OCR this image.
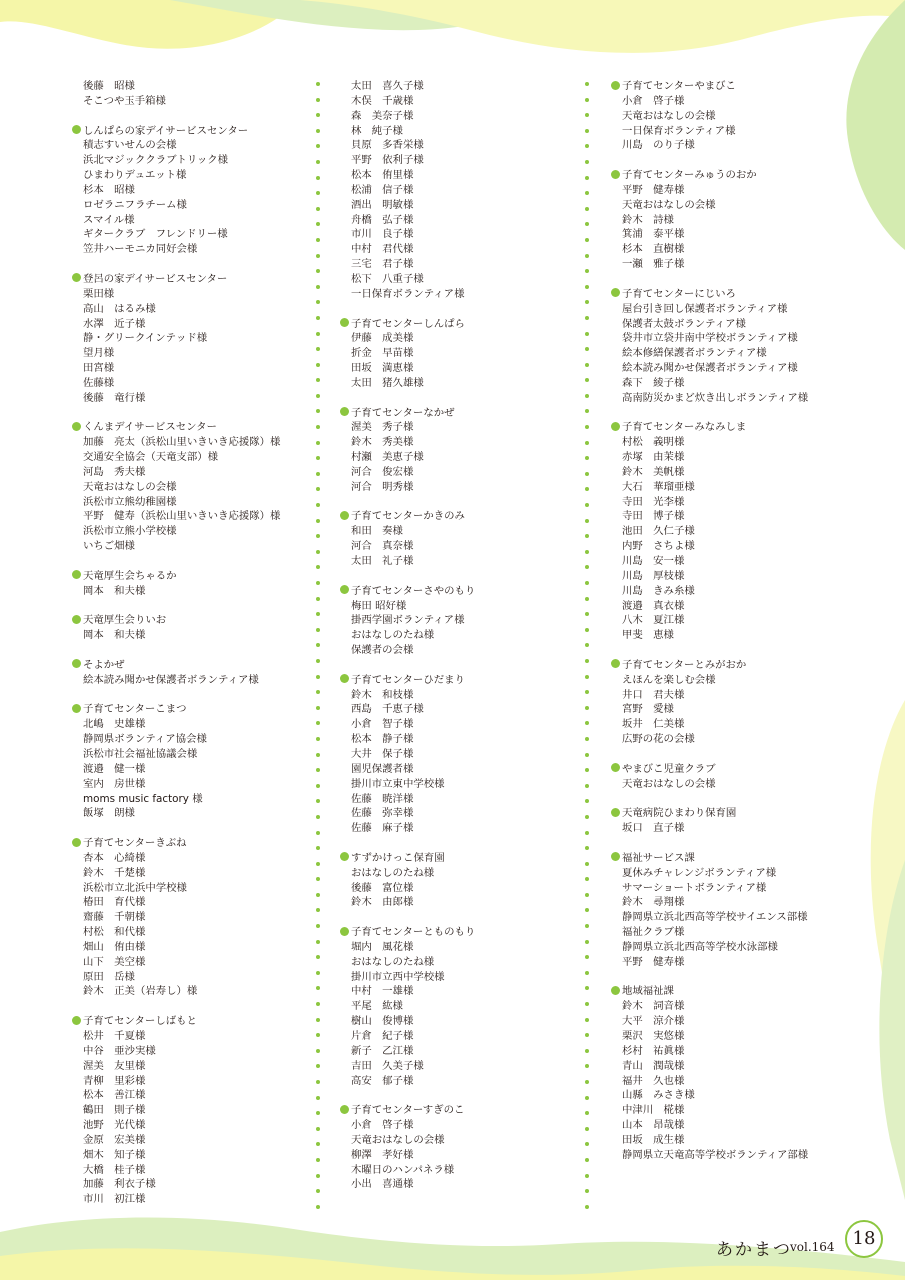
後藤　昭様
そこつや玉手箱様
しんぱらの家デイサービスセンター
積志すいせんの会様
浜北マジッククラブトリック様
ひまわりデュエット様
杉本　昭様
ロゼラニフラチーム様
スマイル様
ギタークラブ　フレンドリー様
笠井ハーモニカ同好会様
登呂の家デイサービスセンター
栗田様
高山　はるみ様
水澤　近子様
静・グリークインテッド様
望月様
田宮様
佐藤様
後藤　竜行様
くんまデイサービスセンター
加藤　亮太（浜松山里いきいき応援隊）様
交通安全協会（天竜支部）様
河島　秀夫様
天竜おはなしの会様
浜松市立熊幼稚園様
平野　健寿（浜松山里いきいき応援隊）様
浜松市立熊小学校様
いちご畑様
天竜厚生会ちゃるか
岡本　和夫様
天竜厚生会りいお
岡本　和夫様
そよかぜ
絵本読み聞かせ保護者ボランティア様
子育てセンターこまつ
北嶋　史雄様
静岡県ボランティア協会様
浜松市社会福祉協議会様
渡邉　健一様
室内　房世様
moms music factory 様
飯塚　朗様
子育てセンターきぶね
杏本　心綺様
鈴木　千楚様
浜松市立北浜中学校様
椿田　育代様
齋藤　千朝様
村松　和代様
畑山　侑由様
山下　美空様
原田　岳様
鈴木　正美（岩寿し）様
子育てセンターしばもと
松井　千夏様
中谷　亜沙実様
渥美　友里様
青柳　里彩様
松本　善江様
鶴田　則子様
池野　光代様
金原　宏美様
畑木　知子様
大橋　桂子様
加藤　利衣子様
市川　初江様
太田　喜久子様
木俣　千歳様
森　美奈子様
林　純子様
貝原　多香栄様
平野　依利子様
松本　侑里様
松浦　信子様
酒出　明敏様
舟橋　弘子様
市川　良子様
中村　君代様
三宅　君子様
松下　八重子様
一日保育ボランティア様
子育てセンターしんぱら
伊藤　成美様
折金　早苗様
田坂　満恵様
太田　猪久雄様
子育てセンターなかぜ
渥美　秀子様
鈴木　秀美様
村瀬　美恵子様
河合　俊宏様
河合　明秀様
子育てセンターかきのみ
和田　奏様
河合　真奈様
太田　礼子様
子育てセンターさやのもり
梅田 昭好様
掛西学園ボランティア様
おはなしのたね様
保護者の会様
子育てセンターひだまり
鈴木　和枝様
西島　千恵子様
小倉　智子様
松本　静子様
大井　保子様
園児保護者様
掛川市立東中学校様
佐藤　暁洋様
佐藤　弥幸様
佐藤　麻子様
すずかけっこ保育園
おはなしのたね様
後藤　富位様
鈴木　由郎様
子育てセンターとものもり
堀内　風花様
おはなしのたね様
掛川市立西中学校様
中村　一雄様
平尾　紘様
樹山　俊博様
片倉　紀子様
新子　乙江様
吉田　久美子様
高安　郁子様
子育てセンターすぎのこ
小倉　啓子様
天竜おはなしの会様
柳澤　孝好様
木曜日のハンパネラ様
小出　喜通様
子育てセンターやまびこ
小倉　啓子様
天竜おはなしの会様
一日保育ボランティア様
川島　のり子様
子育てセンターみゅうのおか
平野　健寿様
天竜おはなしの会様
鈴木　詩様
箕浦　泰平様
杉本　直樹様
一瀬　雅子様
子育てセンターにじいろ
屋台引き回し保護者ボランティア様
保護者太鼓ボランティア様
袋井市立袋井南中学校ボランティア様
絵本修繕保護者ボランティア様
絵本読み聞かせ保護者ボランティア様
森下　綾子様
高南防災かまど炊き出しボランティア様
子育てセンターみなみしま
村松　義明様
赤塚　由茉様
鈴木　美帆様
大石　華瑠亜様
寺田　光李様
寺田　博子様
池田　久仁子様
内野　さちよ様
川島　安一様
川島　厚枝様
川島　きみ糸様
渡邉　真衣様
八木　夏江様
甲斐　恵様
子育てセンターとみがおか
えほんを楽しむ会様
井口　君夫様
宮野　愛様
坂井　仁美様
広野の花の会様
やまびこ児童クラブ
天竜おはなしの会様
天竜病院ひまわり保育園
坂口　直子様
福祉サービス課
夏休みチャレンジボランティア様
サマーショートボランティア様
鈴木　尋翔様
静岡県立浜北西高等学校サイエンス部様
福祉クラブ様
静岡県立浜北西高等学校水泳部様
平野　健寿様
地域福祉課
鈴木　詞音様
大平　涼介様
栗沢　実悠様
杉村　祐眞様
青山　潤哉様
福井　久也様
山縣　みさき様
中津川　椛様
山本　昂哉様
田坂　成生様
静岡県立天竜高等学校ボランティア部様
あかまつ
vol.164 18
